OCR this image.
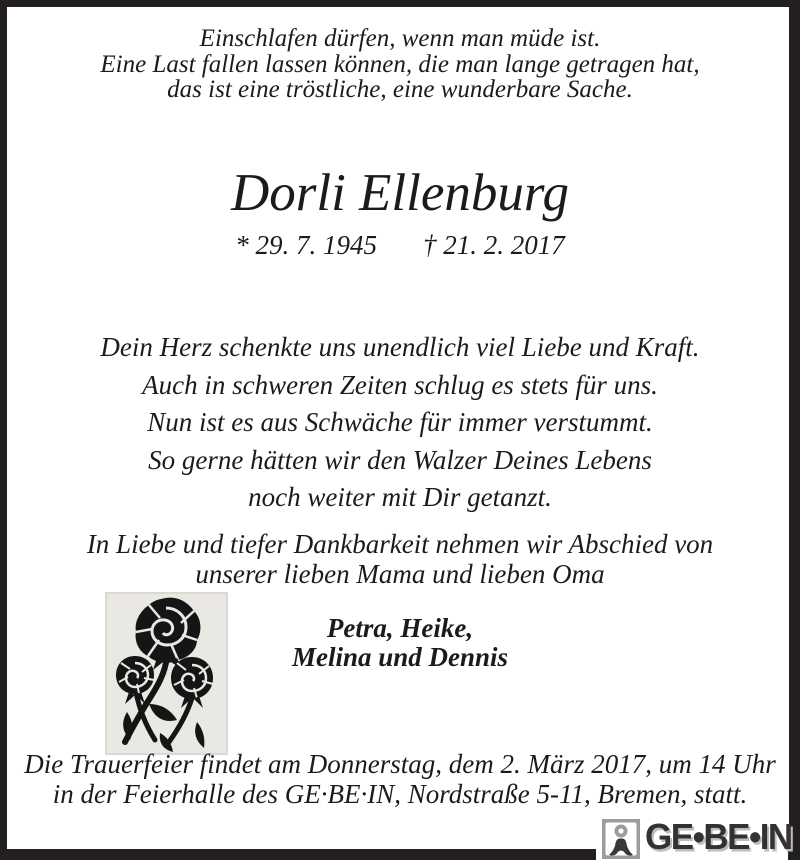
Einschlafen dürfen, wenn man müde ist.
Eine Last fallen lassen können, die man lange getragen hat,
das ist eine tröstliche, eine wunderbare Sache.
Dorli Ellenburg
* 29. 7. 1945 † 21. 2. 2017
Dein Herz schenkte uns unendlich viel Liebe und Kraft.
Auch in schweren Zeiten schlug es stets für uns.
Nun ist es aus Schwäche für immer verstummt.
So gerne hätten wir den Walzer Deines Lebens
noch weiter mit Dir getanzt.
In Liebe und tiefer Dankbarkeit nehmen wir Abschied von
unserer lieben Mama und lieben Oma
Petra, Heike,
Melina und Dennis
Die Trauerfeier findet am Donnerstag, dem 2. März 2017, um 14 Uhr
in der Feierhalle des GE·BE·IN, Nordstraße 5-11, Bremen, statt.
GE•BE•IN
